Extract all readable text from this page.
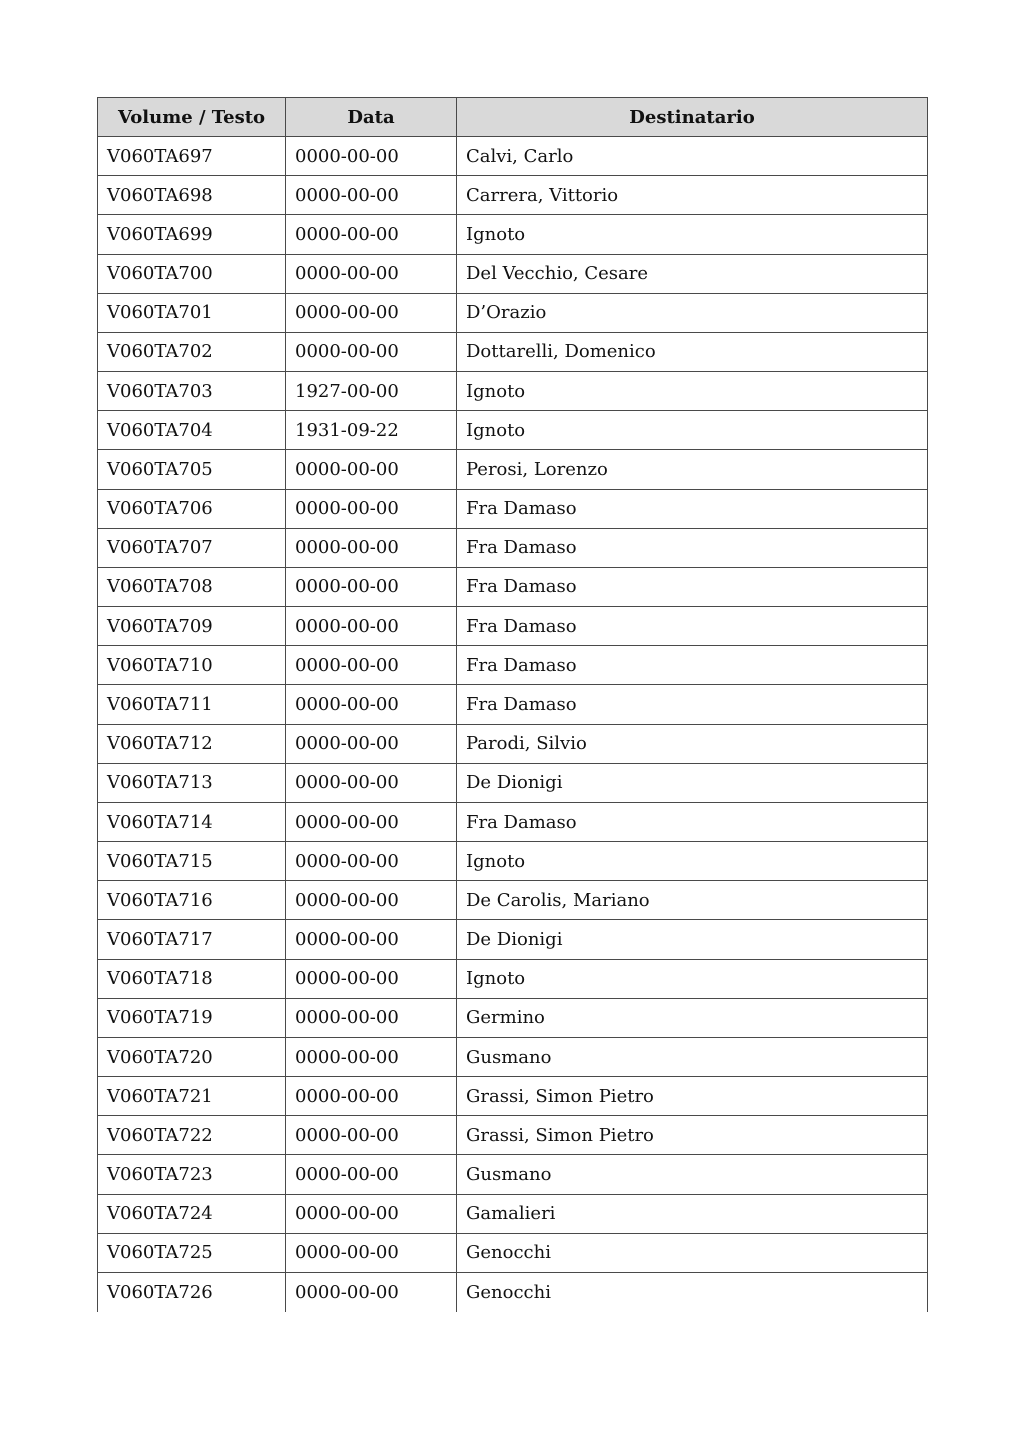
Volume / Testo	Data	Destinatario
V060TA697	0000-00-00	Calvi, Carlo
V060TA698	0000-00-00	Carrera, Vittorio
V060TA699	0000-00-00	Ignoto
V060TA700	0000-00-00	Del Vecchio, Cesare
V060TA701	0000-00-00	D’Orazio
V060TA702	0000-00-00	Dottarelli, Domenico
V060TA703	1927-00-00	Ignoto
V060TA704	1931-09-22	Ignoto
V060TA705	0000-00-00	Perosi, Lorenzo
V060TA706	0000-00-00	Fra Damaso
V060TA707	0000-00-00	Fra Damaso
V060TA708	0000-00-00	Fra Damaso
V060TA709	0000-00-00	Fra Damaso
V060TA710	0000-00-00	Fra Damaso
V060TA711	0000-00-00	Fra Damaso
V060TA712	0000-00-00	Parodi, Silvio
V060TA713	0000-00-00	De Dionigi
V060TA714	0000-00-00	Fra Damaso
V060TA715	0000-00-00	Ignoto
V060TA716	0000-00-00	De Carolis, Mariano
V060TA717	0000-00-00	De Dionigi
V060TA718	0000-00-00	Ignoto
V060TA719	0000-00-00	Germino
V060TA720	0000-00-00	Gusmano
V060TA721	0000-00-00	Grassi, Simon Pietro
V060TA722	0000-00-00	Grassi, Simon Pietro
V060TA723	0000-00-00	Gusmano
V060TA724	0000-00-00	Gamalieri
V060TA725	0000-00-00	Genocchi
V060TA726	0000-00-00	Genocchi
